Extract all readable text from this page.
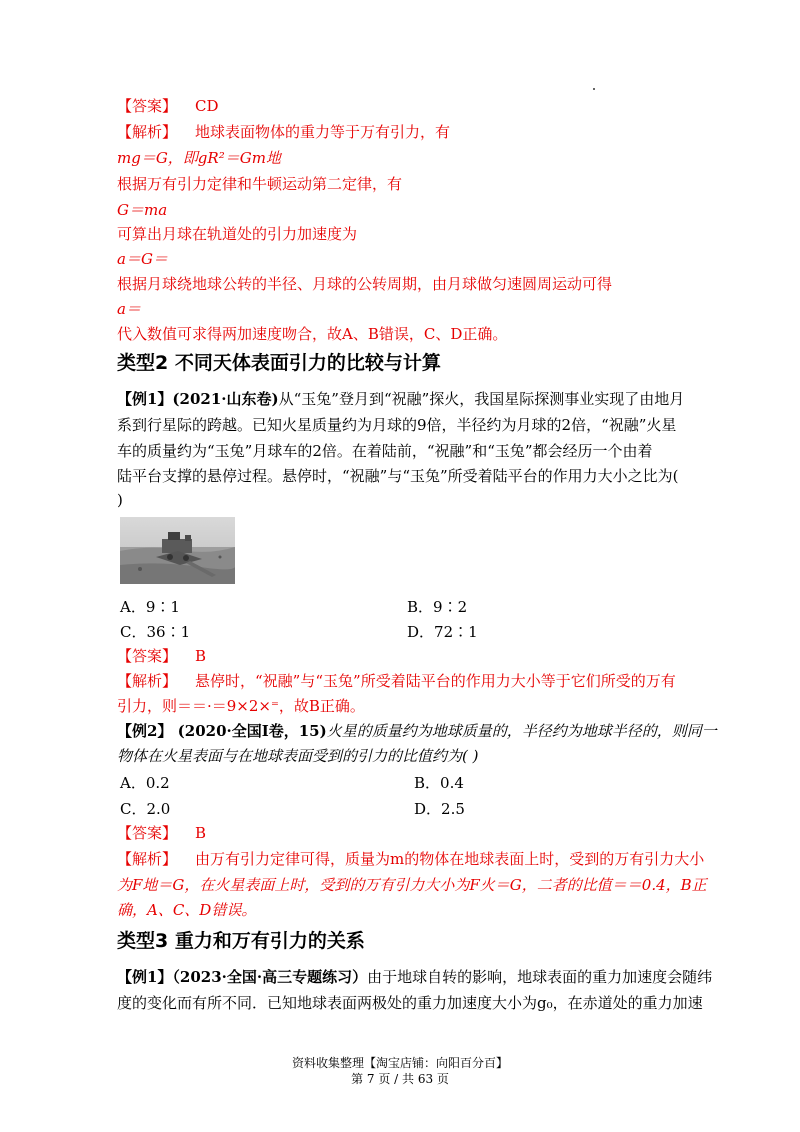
【答案】 CD
【解析】 地球表面物体的重力等于万有引力，有
mg＝G，即gR²＝Gm地
根据万有引力定律和牛顿运动第二定律，有
G＝ma
可算出月球在轨道处的引力加速度为
a＝G＝
根据月球绕地球公转的半径、月球的公转周期，由月球做匀速圆周运动可得
a＝
代入数值可求得两加速度吻合，故A、B错误，C、D正确。
类型2 不同天体表面引力的比较与计算
【例1】(2021·山东卷)从“玉兔”登月到“祝融”探火，我国星际探测事业实现了由地月
系到行星际的跨越。已知火星质量约为月球的9倍，半径约为月球的2倍，“祝融”火星
车的质量约为“玉兔”月球车的2倍。在着陆前，“祝融”和“玉兔”都会经历一个由着
陆平台支撑的悬停过程。悬停时，“祝融”与“玉兔”所受着陆平台的作用力大小之比为(
)
A．9∶1	B．9∶2
C．36∶1	D．72∶1
【答案】 B
【解析】 悬停时，“祝融”与“玉兔”所受着陆平台的作用力大小等于它们所受的万有
引力，则＝＝·＝9×2×⁼，故B正确。
【例2】 (2020·全国Ⅰ卷，15)火星的质量约为地球质量的，半径约为地球半径的，则同一
物体在火星表面与在地球表面受到的引力的比值约为( )
A．0.2	B．0.4
C．2.0	D．2.5
【答案】 B
【解析】 由万有引力定律可得，质量为m的物体在地球表面上时，受到的万有引力大小
为F地＝G，在火星表面上时，受到的万有引力大小为F火＝G，二者的比值＝＝0.4，B正
确，A、C、D错误。
类型3 重力和万有引力的关系
【例1】（2023·全国·高三专题练习）由于地球自转的影响，地球表面的重力加速度会随纬
度的变化而有所不同．已知地球表面两极处的重力加速度大小为g₀，在赤道处的重力加速
资料收集整理【淘宝店铺：向阳百分百】
第 7 页 / 共 63 页
